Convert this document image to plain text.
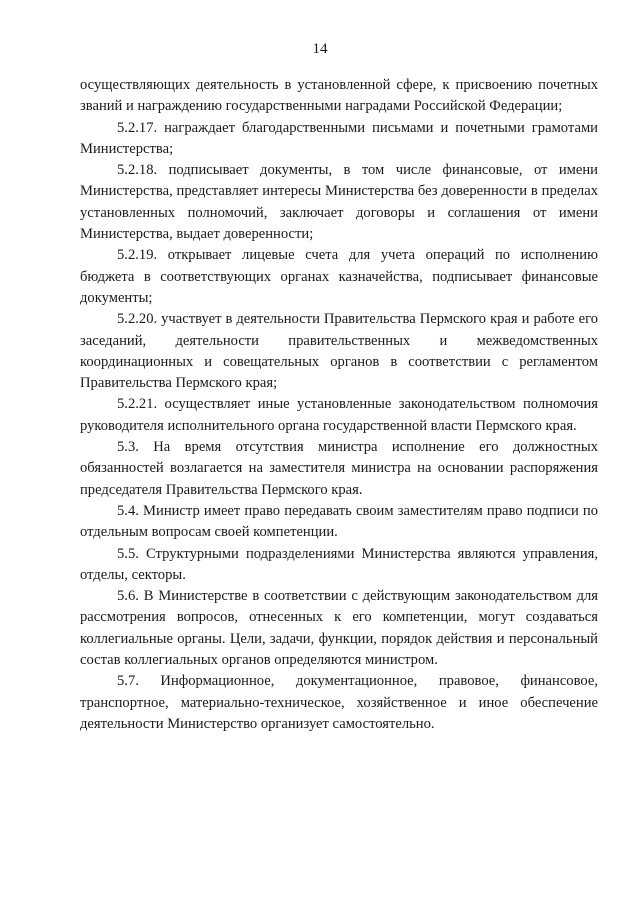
14

осуществляющих деятельность в установленной сфере, к присвоению почетных званий и награждению государственными наградами Российской Федерации;

5.2.17. награждает благодарственными письмами и почетными грамотами Министерства;

5.2.18. подписывает документы, в том числе финансовые, от имени Министерства, представляет интересы Министерства без доверенности в пределах установленных полномочий, заключает договоры и соглашения от имени Министерства, выдает доверенности;

5.2.19. открывает лицевые счета для учета операций по исполнению бюджета в соответствующих органах казначейства, подписывает финансовые документы;

5.2.20. участвует в деятельности Правительства Пермского края и работе его заседаний, деятельности правительственных и межведомственных координационных и совещательных органов в соответствии с регламентом Правительства Пермского края;

5.2.21. осуществляет иные установленные законодательством полномочия руководителя исполнительного органа государственной власти Пермского края.

5.3. На время отсутствия министра исполнение его должностных обязанностей возлагается на заместителя министра на основании распоряжения председателя Правительства Пермского края.

5.4. Министр имеет право передавать своим заместителям право подписи по отдельным вопросам своей компетенции.

5.5. Структурными подразделениями Министерства являются управления, отделы, секторы.

5.6. В Министерстве в соответствии с действующим законодательством для рассмотрения вопросов, отнесенных к его компетенции, могут создаваться коллегиальные органы. Цели, задачи, функции, порядок действия и персональный состав коллегиальных органов определяются министром.

5.7. Информационное, документационное, правовое, финансовое, транспортное, материально-техническое, хозяйственное и иное обеспечение деятельности Министерство организует самостоятельно.
